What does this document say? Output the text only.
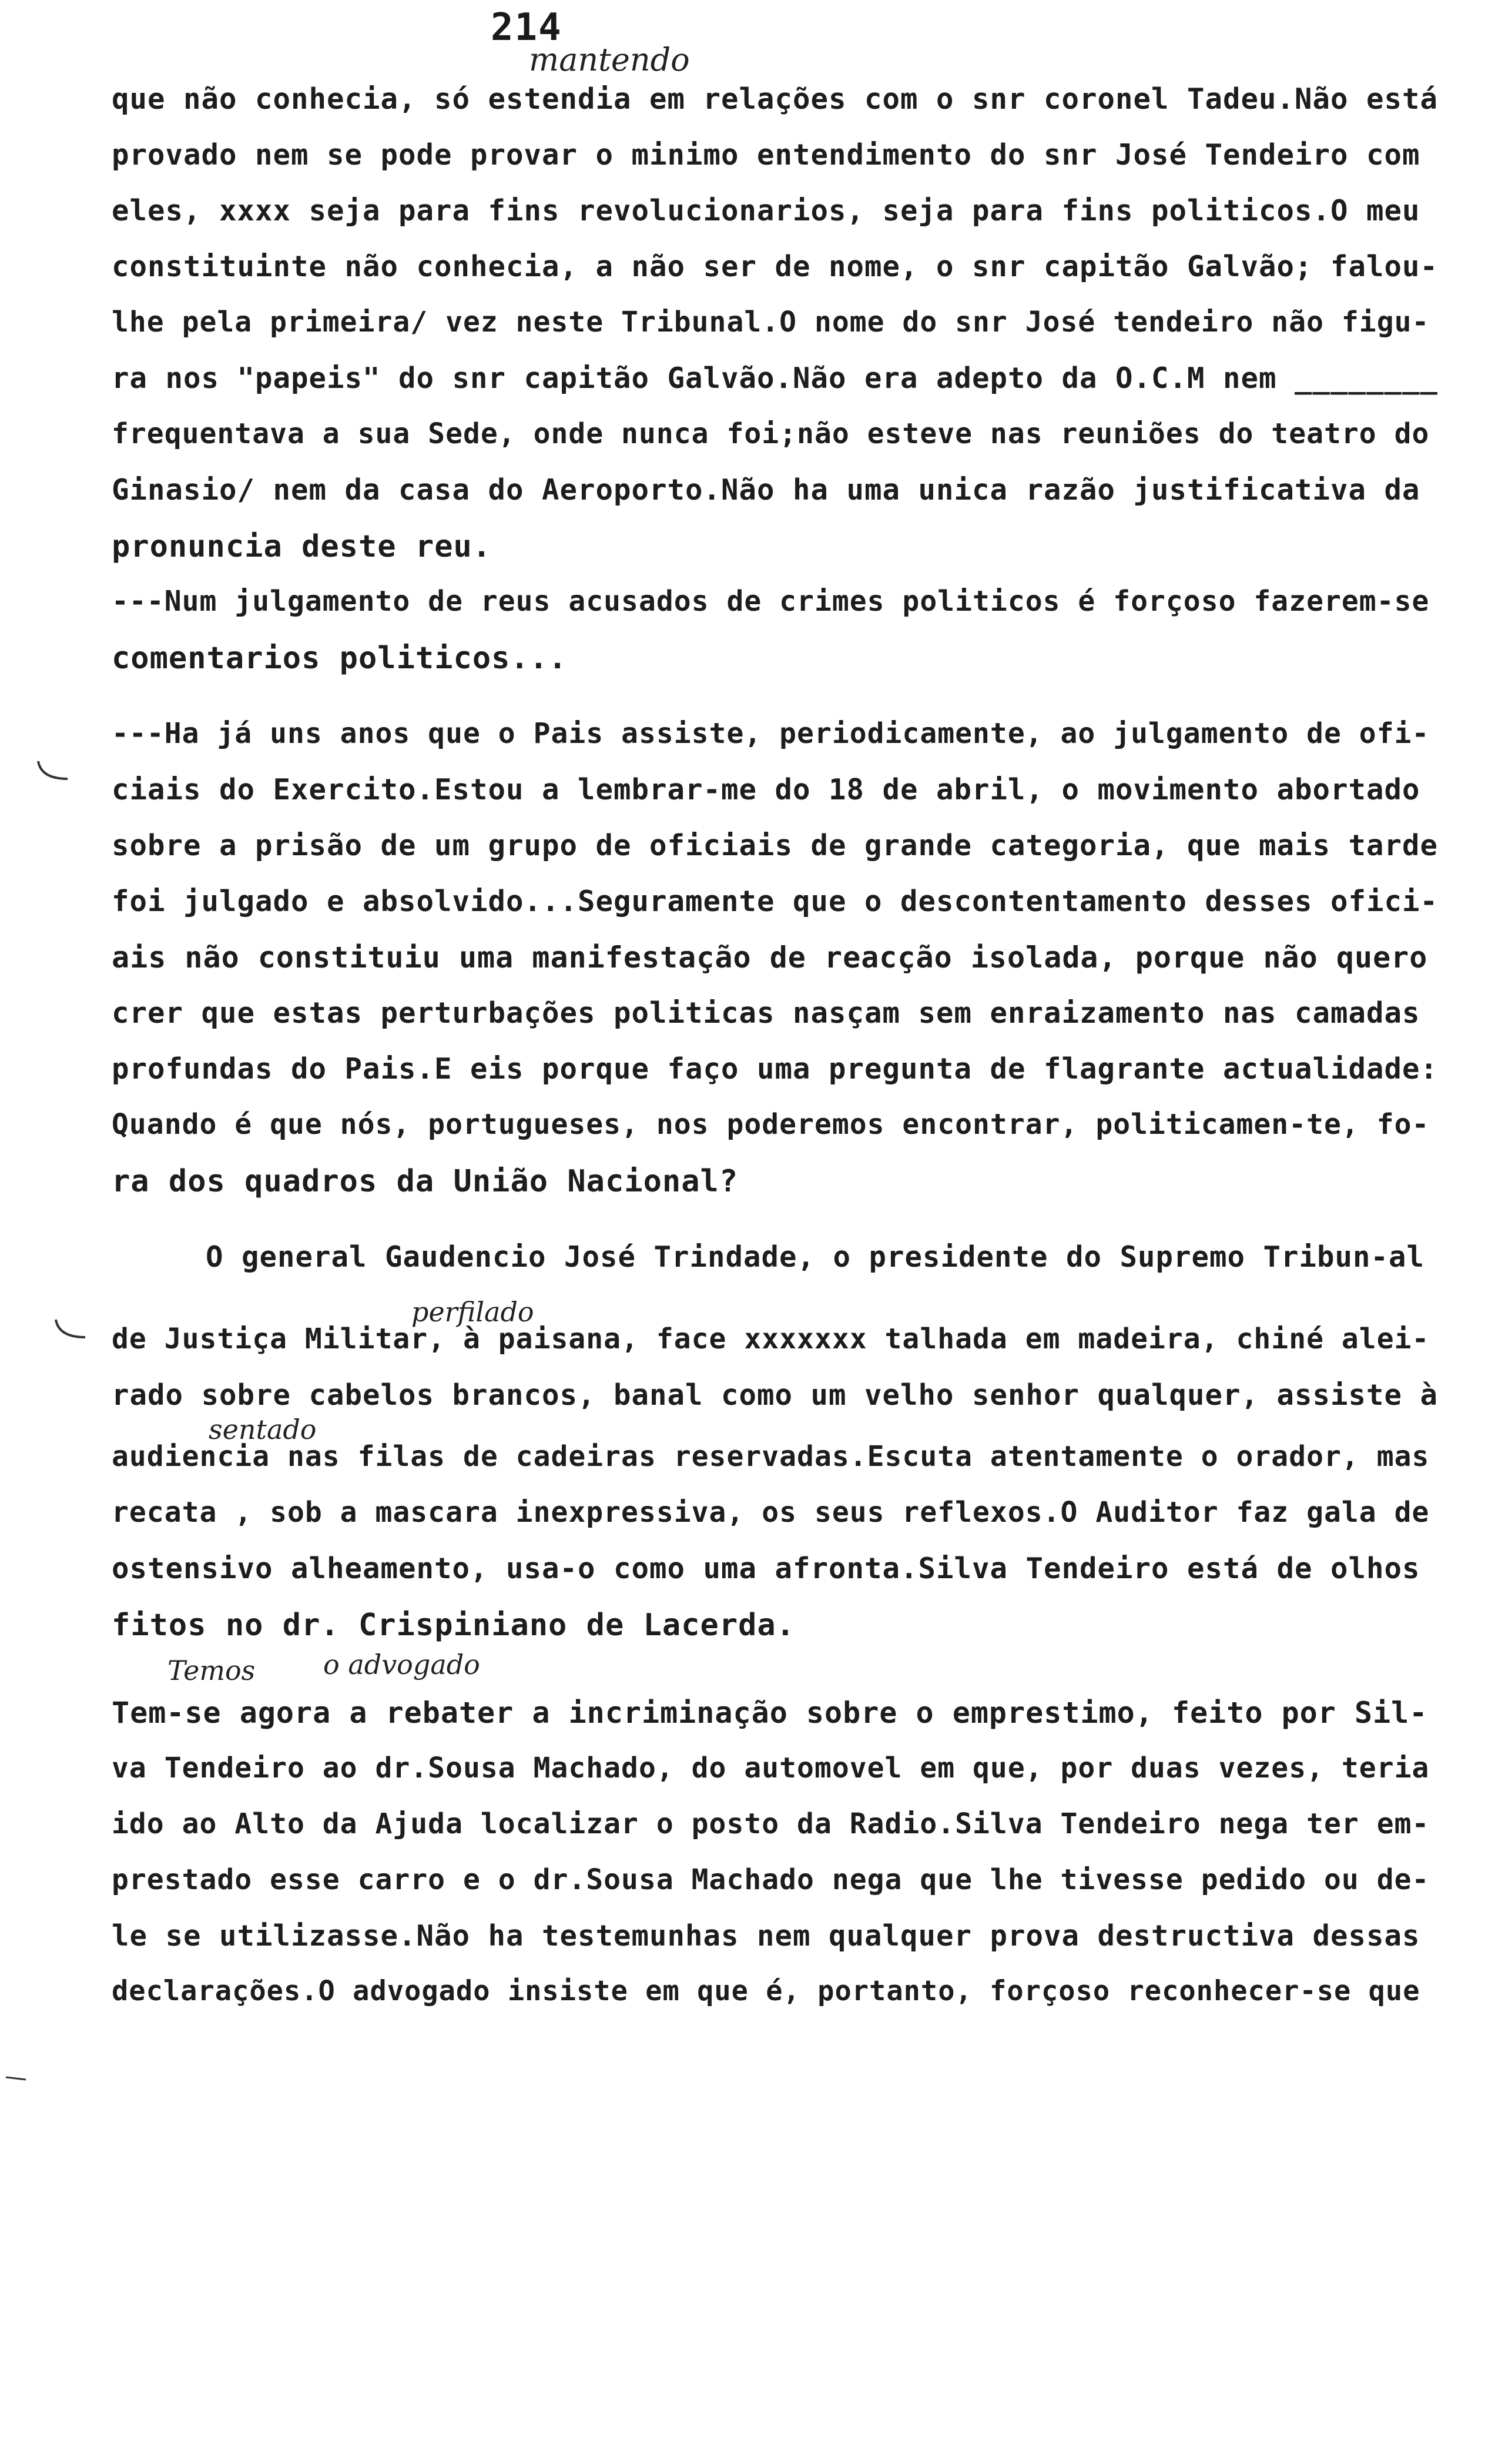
214
mantendo
perfilado
sentado
Temos	o advogado
que não conhecia, só estendia em relações com o snr coronel Tadeu.Não está
provado nem se pode provar o minimo entendimento do snr José Tendeiro com
eles, xxxx seja para fins revolucionarios, seja para fins politicos.O meu
constituinte não conhecia, a não ser de nome, o snr capitão Galvão; falou-
lhe pela primeira/ vez neste Tribunal.O nome do snr José tendeiro não figu-
ra nos "papeis" do snr capitão Galvão.Não era adepto da O.C.M nem ________
frequentava a sua Sede, onde nunca foi;não esteve nas reuniões do teatro do
Ginasio/ nem da casa do Aeroporto.Não ha uma unica razão justificativa da
pronuncia deste reu.
---Num julgamento de reus acusados de crimes politicos é forçoso fazerem-se
comentarios politicos...
---Ha já uns anos que o Pais assiste, periodicamente, ao julgamento de ofi-
ciais do Exercito.Estou a lembrar-me do 18 de abril, o movimento abortado
sobre a prisão de um grupo de oficiais de grande categoria, que mais tarde
foi julgado e absolvido...Seguramente que o descontentamento desses ofici-
ais não constituiu uma manifestação de reacção isolada, porque não quero
crer que estas perturbações politicas nasçam sem enraizamento nas camadas
profundas do Pais.E eis porque faço uma pregunta de flagrante actualidade:
Quando é que nós, portugueses, nos poderemos encontrar, politicamen-te, fo-
ra dos quadros da União Nacional?
O general Gaudencio José Trindade, o presidente do Supremo Tribun-al
de Justiça Militar, à paisana, face xxxxxxx talhada em madeira, chiné alei-
rado sobre cabelos brancos, banal como um velho senhor qualquer, assiste à
audiencia nas filas de cadeiras reservadas.Escuta atentamente o orador, mas
recata , sob a mascara inexpressiva, os seus reflexos.O Auditor faz gala de
ostensivo alheamento, usa-o como uma afronta.Silva Tendeiro está de olhos
fitos no dr. Crispiniano de Lacerda.
Tem-se agora a rebater a incriminação sobre o emprestimo, feito por Sil-
va Tendeiro ao dr.Sousa Machado, do automovel em que, por duas vezes, teria
ido ao Alto da Ajuda localizar o posto da Radio.Silva Tendeiro nega ter em-
prestado esse carro e o dr.Sousa Machado nega que lhe tivesse pedido ou de-
le se utilizasse.Não ha testemunhas nem qualquer prova destructiva dessas
declarações.O advogado insiste em que é, portanto, forçoso reconhecer-se que
